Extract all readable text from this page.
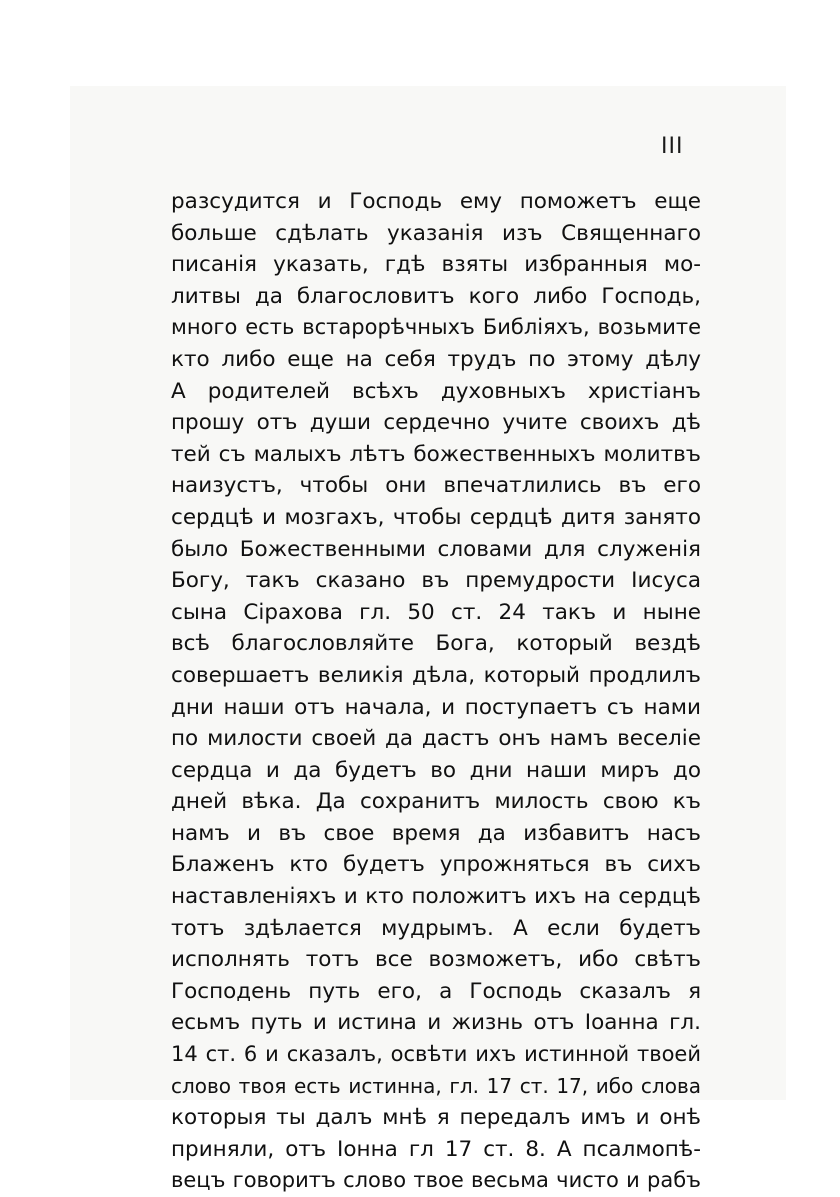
III
разсудится и Господь ему поможетъ еще
больше сдѣлать указанія изъ Священнаго
писанія указать, гдѣ взяты избранныя мо-
литвы да благословитъ кого либо Господь,
много есть встарорѣчныхъ Библіяхъ, возьмите
кто либо еще на себя трудъ по этому дѣлу
А родителей всѣхъ духовныхъ христіанъ
прошу отъ души сердечно учите своихъ дѣ
тей съ малыхъ лѣтъ божественныхъ молитвъ
наизустъ, чтобы они впечатлились въ его
сердцѣ и мозгахъ, чтобы сердцѣ дитя занято
было Божественными словами для служенія
Богу, такъ сказано въ премудрости Іисуса
сына Сірахова гл. 50 ст. 24 такъ и ныне
всѣ благословляйте Бога, который вездѣ
совершаетъ великія дѣла, который продлилъ
дни наши отъ начала, и поступаетъ съ нами
по милости своей да дастъ онъ намъ веселіе
сердца и да будетъ во дни наши миръ до
дней вѣка. Да сохранитъ милость свою къ
намъ и въ свое время да избавитъ насъ
Блаженъ кто будетъ упрожняться въ сихъ
наставленіяхъ и кто положитъ ихъ на сердцѣ
тотъ здѣлается мудрымъ. А если будетъ
исполнять тотъ все возможетъ, ибо свѣтъ
Господень путь его, а Господь сказалъ я
есьмъ путь и истина и жизнь отъ Іоанна гл.
14 ст. 6 и сказалъ, освѣти ихъ истинной твоей
слово твоя есть истинна, гл. 17 ст. 17, ибо слова
которыя ты далъ мнѣ я передалъ имъ и онѣ
приняли, отъ Іонна гл 17 ст. 8. А псалмопѣ-
вецъ говоритъ слово твое весьма чисто и рабъ
